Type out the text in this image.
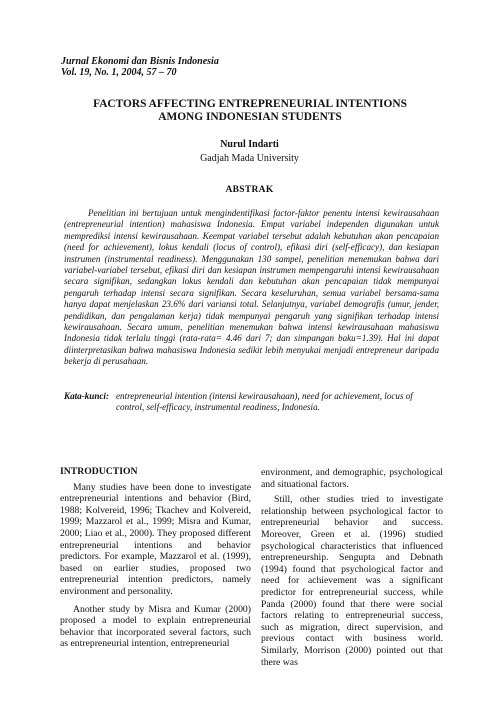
Jurnal Ekonomi dan Bisnis Indonesia
Vol. 19, No. 1, 2004, 57 – 70
FACTORS AFFECTING ENTREPRENEURIAL INTENTIONS
AMONG INDONESIAN STUDENTS
Nurul Indarti
Gadjah Mada University
ABSTRAK

Penelitian ini bertujuan untuk mengindentifikasi factor-faktor penentu intensi kewirausahaan (entrepreneurial intention) mahasiswa Indonesia. Empat variabel independen digunakan untuk memprediksi intensi kewirausahaan. Keempat variabel tersebut adalah kebutuhan akan pencapaian (need for achievement), lokus kendali (locus of control), efikasi diri (self-efficacy), dan kesiapan instrumen (instrumental readiness). Menggunakan 130 sampel, penelitian menemukan bahwa dari variabel-variabel tersebut, efikasi diri dan kesiapan instrumen mempengaruhi intensi kewirausahaan secara signifikan, sedangkan lokus kendali dan kebutuhan akan pencapaian tidak mempunyai pengaruh terhadap intensi secara signifikan. Secara keseluruhan, semua variabel bersama-sama hanya dapat menjelaskan 23.6% dari variansi total. Selanjutnya, variabel demografis (umur, jender, pendidikan, dan pengalaman kerja) tidak mempunyai pengaruh yang signifikan terhadap intensi kewirausahaan. Secara umum, penelitian menemukan bahwa intensi kewirausahaan mahasiswa Indonesia tidak terlalu tinggi (rata-rata= 4.46 dari 7; dan simpangan baku=1.39). Hal ini dapat diinterpretasikan bahwa mahasiswa Indonesia sedikit lebih menyukai menjadi entrepreneur daripada bekerja di perusahaan.

Kata-kunci: entrepreneurial intention (intensi kewirausahaan), need for achievement, locus of control, self-efficacy, instrumental readiness, Indonesia.
INTRODUCTION

Many studies have been done to investigate entrepreneurial intentions and behavior (Bird, 1988; Kolvereid, 1996; Tkachev and Kolvereid, 1999; Mazzarol et al., 1999; Misra and Kumar, 2000; Liao et al., 2000). They proposed different entrepreneurial intentions and behavior predictors. For example, Mazzarol et al. (1999), based on earlier studies, proposed two entrepreneurial intention predictors, namely environment and personality.

Another study by Misra and Kumar (2000) proposed a model to explain entrepreneurial behavior that incorporated several factors, such as entrepreneurial intention, entrepreneurial

environment, and demographic, psychological and situational factors.

Still, other studies tried to investigate relationship between psychological factor to entrepreneurial behavior and success. Moreover, Green et al. (1996) studied psychological characteristics that influenced entrepreneurship. Sengupta and Debnath (1994) found that psychological factor and need for achievement was a significant predictor for entrepreneurial success, while Panda (2000) found that there were social factors relating to entrepreneurial success, such as migration, direct supervision, and previous contact with business world. Similarly, Morrison (2000) pointed out that there was
